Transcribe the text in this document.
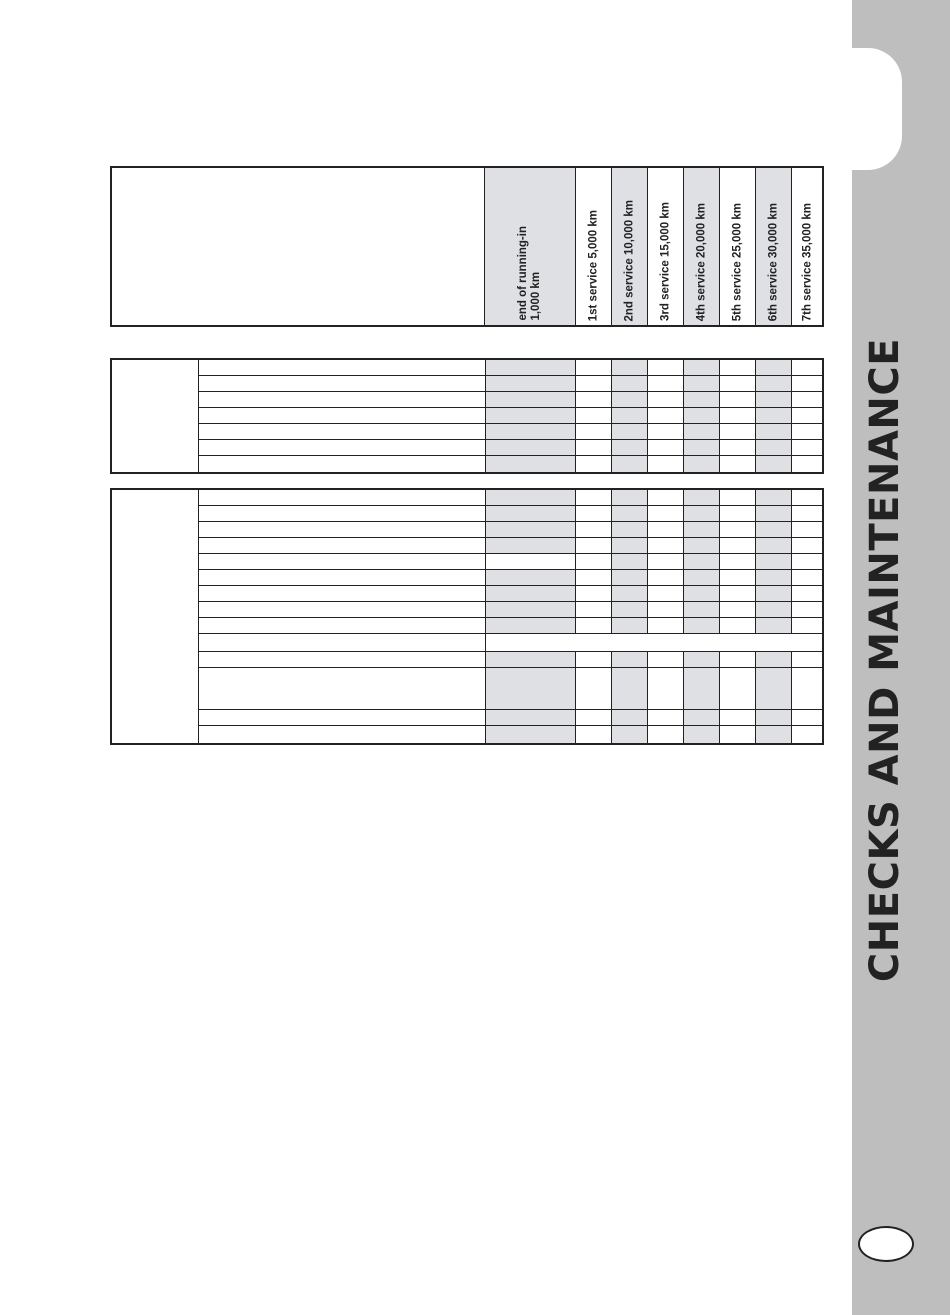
CHECKS AND MAINTENANCE
end of running-in
1,000 km	1st service 5,000 km 2nd service 10,000 km 3rd service 15,000 km 4th service 20,000 km 5th service 25,000 km 6th service 30,000 km 7th service 35,000 km
